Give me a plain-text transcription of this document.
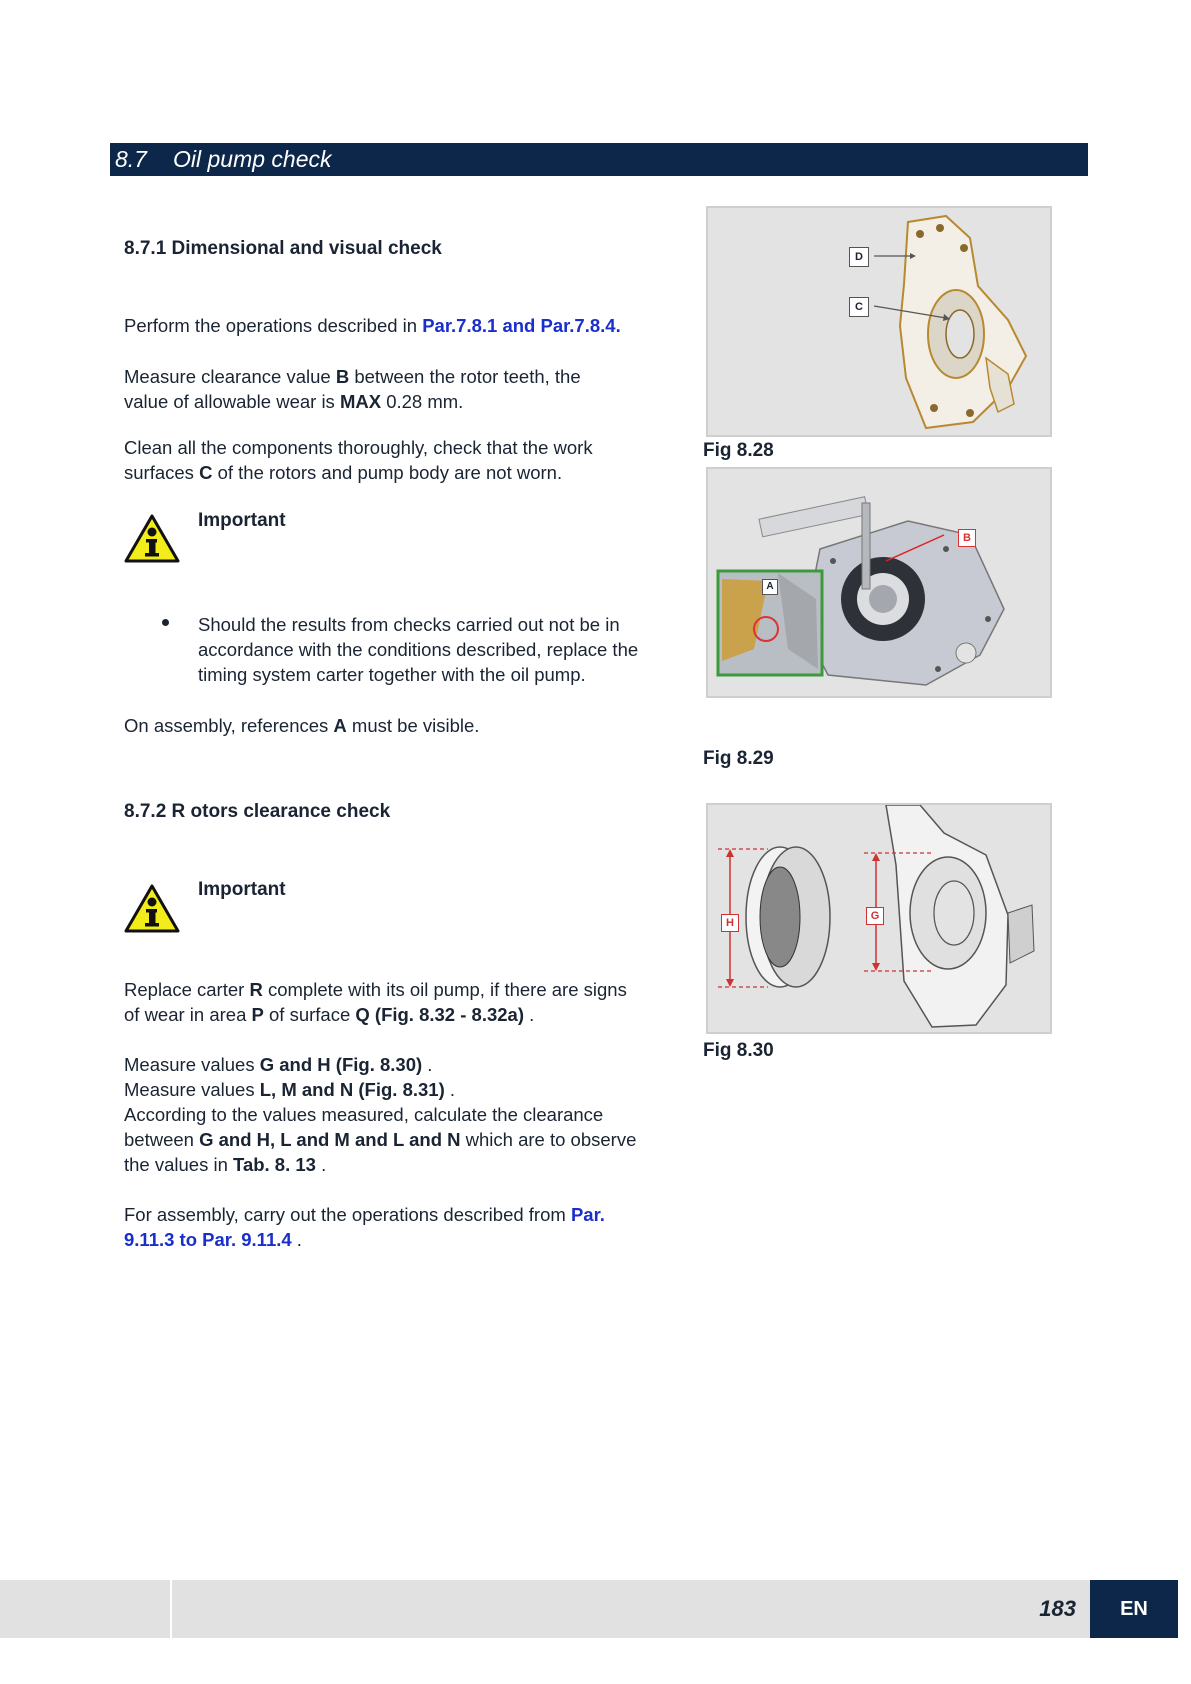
8.7 Oil pump check
8.7.1 Dimensional and visual check
Perform the operations described in Par.7.8.1 and Par.7.8.4.
Measure clearance value B between the rotor teeth, the
value of allowable wear is MAX 0.28 mm.
Clean all the components thoroughly, check that the work
surfaces C of the rotors and pump body are not worn.
Important
Should the results from checks carried out not be in
accordance with the conditions described, replace the
timing system carter together with the oil pump.
On assembly, references A must be visible.
8.7.2 R otors clearance check
Important
Replace carter R complete with its oil pump, if there are signs
of wear in area P of surface Q (Fig. 8.32 - 8.32a) .
Measure values G and H (Fig. 8.30) .
Measure values L, M and N (Fig. 8.31) .
According to the values measured, calculate the clearance
between G and H, L and M and L and N which are to observe
the values in Tab. 8. 13 .
For assembly, carry out the operations described from Par.
9.11.3 to Par. 9.11.4 .
D
C
Fig 8.28
B
A
Fig 8.29
H
G
Fig 8.30
183	EN
